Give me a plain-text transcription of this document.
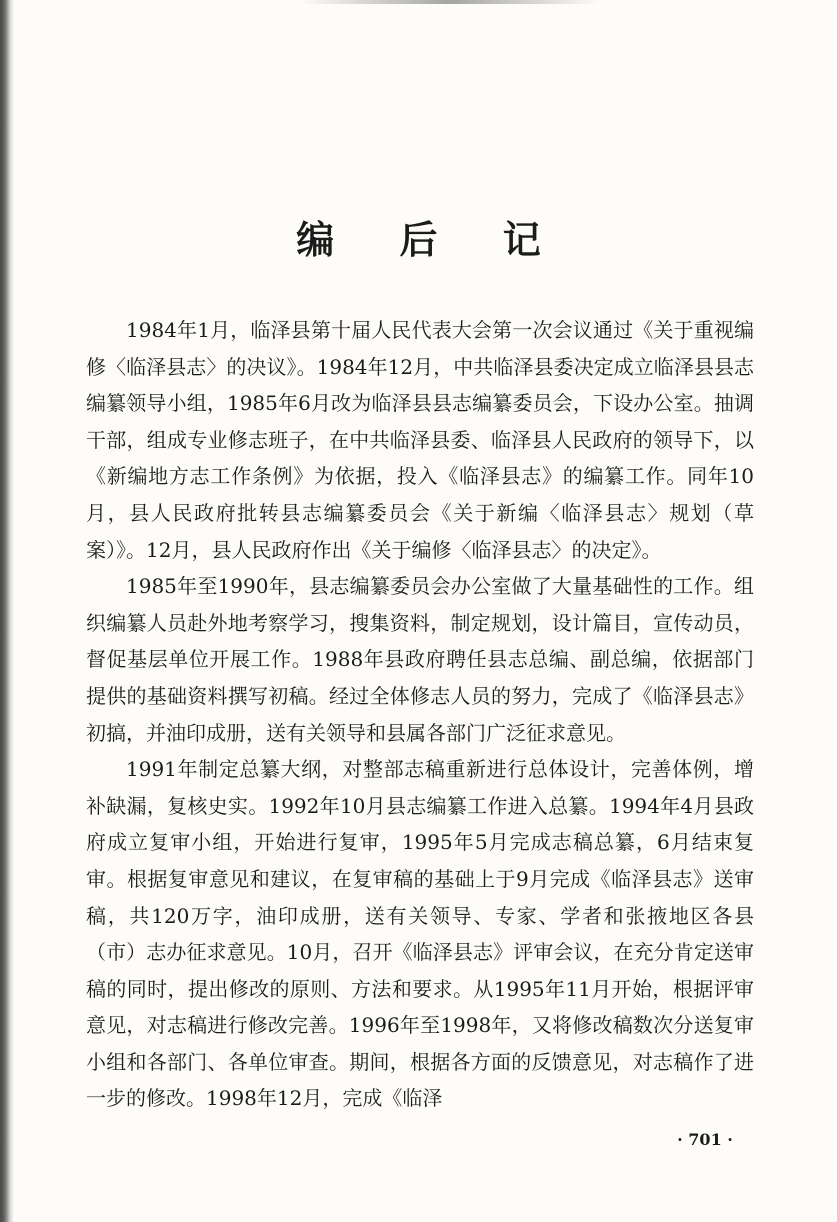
编 后 记

1984年1月，临泽县第十届人民代表大会第一次会议通过《关于重视编修〈临泽县志〉的决议》。1984年12月，中共临泽县委决定成立临泽县县志编纂领导小组，1985年6月改为临泽县县志编纂委员会，下设办公室。抽调干部，组成专业修志班子，在中共临泽县委、临泽县人民政府的领导下，以《新编地方志工作条例》为依据，投入《临泽县志》的编纂工作。同年10月，县人民政府批转县志编纂委员会《关于新编〈临泽县志〉规划（草案）》。12月，县人民政府作出《关于编修〈临泽县志〉的决定》。

1985年至1990年，县志编纂委员会办公室做了大量基础性的工作。组织编纂人员赴外地考察学习，搜集资料，制定规划，设计篇目，宣传动员，督促基层单位开展工作。1988年县政府聘任县志总编、副总编，依据部门提供的基础资料撰写初稿。经过全体修志人员的努力，完成了《临泽县志》初搞，并油印成册，送有关领导和县属各部门广泛征求意见。

1991年制定总纂大纲，对整部志稿重新进行总体设计，完善体例，增补缺漏，复核史实。1992年10月县志编纂工作进入总纂。1994年4月县政府成立复审小组，开始进行复审，1995年5月完成志稿总纂，6月结束复审。根据复审意见和建议，在复审稿的基础上于9月完成《临泽县志》送审稿，共120万字，油印成册，送有关领导、专家、学者和张掖地区各县（市）志办征求意见。10月，召开《临泽县志》评审会议，在充分肯定送审稿的同时，提出修改的原则、方法和要求。从1995年11月开始，根据评审意见，对志稿进行修改完善。1996年至1998年，又将修改稿数次分送复审小组和各部门、各单位审查。期间，根据各方面的反馈意见，对志稿作了进一步的修改。1998年12月，完成《临泽

· 701 ·
